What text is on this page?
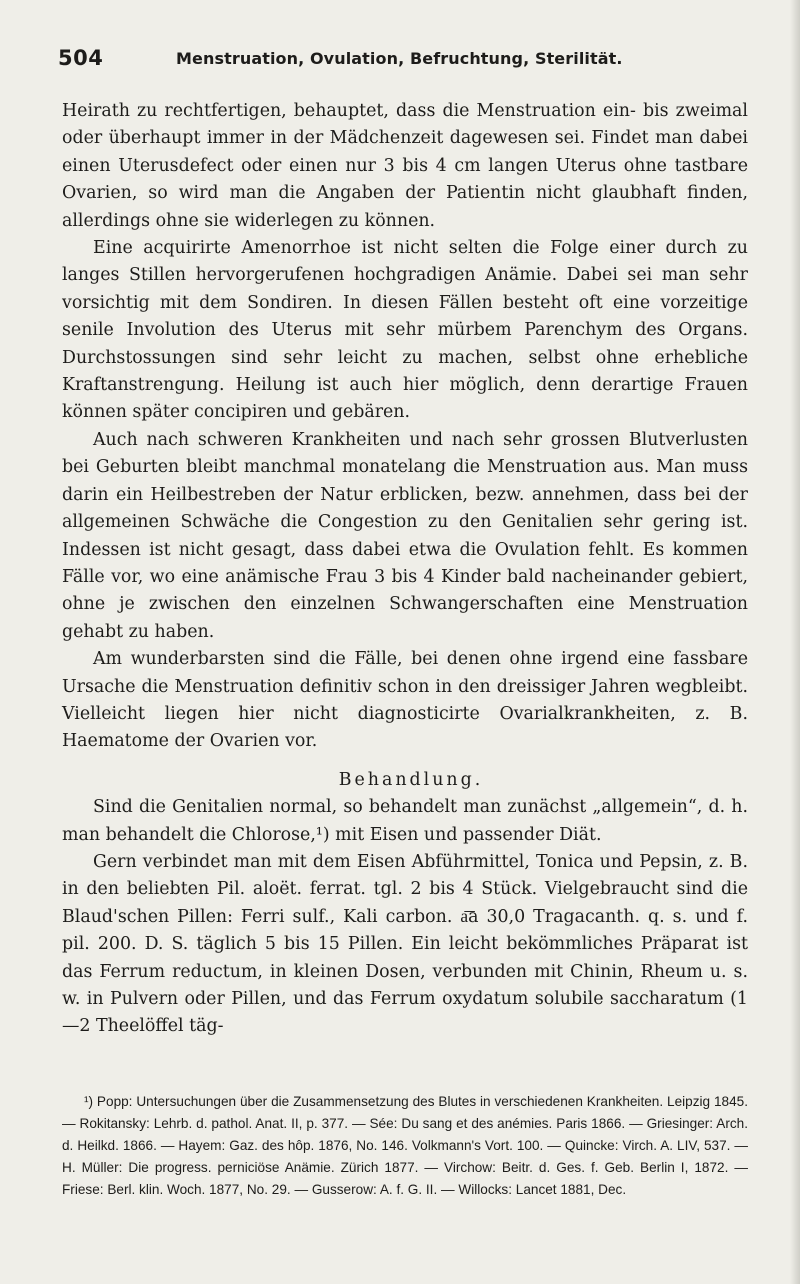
504	Menstruation, Ovulation, Befruchtung, Sterilität.

Heirath zu rechtfertigen, behauptet, dass die Menstruation ein- bis zweimal oder überhaupt immer in der Mädchenzeit dagewesen sei. Findet man dabei einen Uterusdefect oder einen nur 3 bis 4 cm langen Uterus ohne tastbare Ovarien, so wird man die Angaben der Patientin nicht glaubhaft finden, allerdings ohne sie widerlegen zu können.

Eine acquirirte Amenorrhoe ist nicht selten die Folge einer durch zu langes Stillen hervorgerufenen hochgradigen Anämie. Dabei sei man sehr vorsichtig mit dem Sondiren. In diesen Fällen besteht oft eine vorzeitige senile Involution des Uterus mit sehr mürbem Parenchym des Organs. Durchstossungen sind sehr leicht zu machen, selbst ohne erhebliche Kraftanstrengung. Heilung ist auch hier möglich, denn derartige Frauen können später concipiren und gebären.

Auch nach schweren Krankheiten und nach sehr grossen Blutverlusten bei Geburten bleibt manchmal monatelang die Menstruation aus. Man muss darin ein Heilbestreben der Natur erblicken, bezw. annehmen, dass bei der allgemeinen Schwäche die Congestion zu den Genitalien sehr gering ist. Indessen ist nicht gesagt, dass dabei etwa die Ovulation fehlt. Es kommen Fälle vor, wo eine anämische Frau 3 bis 4 Kinder bald nacheinander gebiert, ohne je zwischen den einzelnen Schwangerschaften eine Menstruation gehabt zu haben.

Am wunderbarsten sind die Fälle, bei denen ohne irgend eine fassbare Ursache die Menstruation definitiv schon in den dreissiger Jahren wegbleibt. Vielleicht liegen hier nicht diagnosticirte Ovarialkrankheiten, z. B. Haematome der Ovarien vor.

Behandlung.

Sind die Genitalien normal, so behandelt man zunächst „allgemein“, d. h. man behandelt die Chlorose,¹) mit Eisen und passender Diät.

Gern verbindet man mit dem Eisen Abführmittel, Tonica und Pepsin, z. B. in den beliebten Pil. aloët. ferrat. tgl. 2 bis 4 Stück. Vielgebraucht sind die Blaud'schen Pillen: Ferri sulf., Kali carbon. a͞a 30,0 Tragacanth. q. s. und f. pil. 200. D. S. täglich 5 bis 15 Pillen. Ein leicht bekömmliches Präparat ist das Ferrum reductum, in kleinen Dosen, verbunden mit Chinin, Rheum u. s. w. in Pulvern oder Pillen, und das Ferrum oxydatum solubile saccharatum (1—2 Theelöffel täg-

¹) Popp: Untersuchungen über die Zusammensetzung des Blutes in verschiedenen Krankheiten. Leipzig 1845. — Rokitansky: Lehrb. d. pathol. Anat. II, p. 377. — Sée: Du sang et des anémies. Paris 1866. — Griesinger: Arch. d. Heilkd. 1866. — Hayem: Gaz. des hôp. 1876, No. 146. Volkmann's Vort. 100. — Quincke: Virch. A. LIV, 537. — H. Müller: Die progress. perniciöse Anämie. Zürich 1877. — Virchow: Beitr. d. Ges. f. Geb. Berlin I, 1872. — Friese: Berl. klin. Woch. 1877, No. 29. — Gusserow: A. f. G. II. — Willocks: Lancet 1881, Dec.
